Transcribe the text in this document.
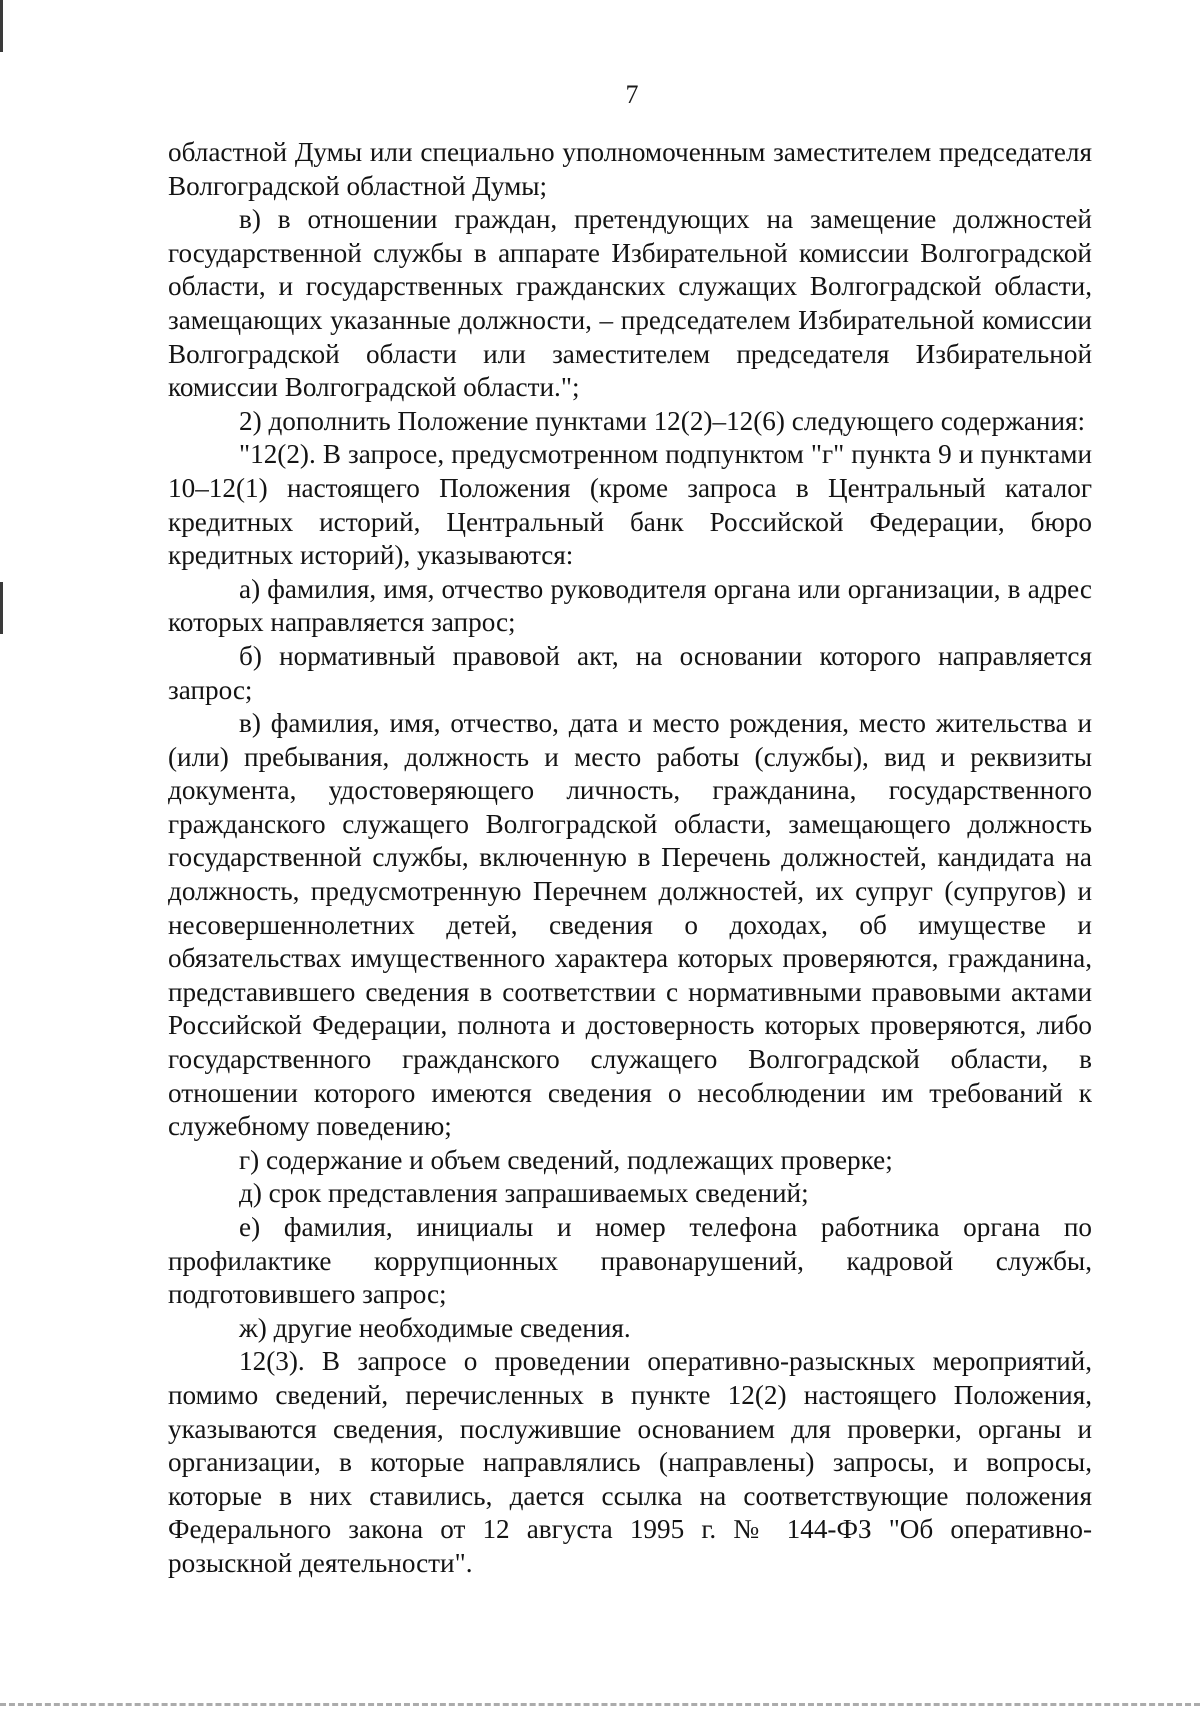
7

областной Думы или специально уполномоченным заместителем председателя Волгоградской областной Думы;

в) в отношении граждан, претендующих на замещение должностей государственной службы в аппарате Избирательной комиссии Волгоградской области, и государственных гражданских служащих Волгоградской области, замещающих указанные должности, – председателем Избирательной комиссии Волгоградской области или заместителем председателя Избирательной комиссии Волгоградской области.";

2) дополнить Положение пунктами 12(2)–12(6) следующего содержания:

"12(2). В запросе, предусмотренном подпунктом "г" пункта 9 и пунктами 10–12(1) настоящего Положения (кроме запроса в Центральный каталог кредитных историй, Центральный банк Российской Федерации, бюро кредитных историй), указываются:

а) фамилия, имя, отчество руководителя органа или организации, в адрес которых направляется запрос;

б) нормативный правовой акт, на основании которого направляется запрос;

в) фамилия, имя, отчество, дата и место рождения, место жительства и (или) пребывания, должность и место работы (службы), вид и реквизиты документа, удостоверяющего личность, гражданина, государственного гражданского служащего Волгоградской области, замещающего должность государственной службы, включенную в Перечень должностей, кандидата на должность, предусмотренную Перечнем должностей, их супруг (супругов) и несовершеннолетних детей, сведения о доходах, об имуществе и обязательствах имущественного характера которых проверяются, гражданина, представившего сведения в соответствии с нормативными правовыми актами Российской Федерации, полнота и достоверность которых проверяются, либо государственного гражданского служащего Волгоградской области, в отношении которого имеются сведения о несоблюдении им требований к служебному поведению;

г) содержание и объем сведений, подлежащих проверке;

д) срок представления запрашиваемых сведений;

е) фамилия, инициалы и номер телефона работника органа по профилактике коррупционных правонарушений, кадровой службы, подготовившего запрос;

ж) другие необходимые сведения.

12(3). В запросе о проведении оперативно-разыскных мероприятий, помимо сведений, перечисленных в пункте 12(2) настоящего Положения, указываются сведения, послужившие основанием для проверки, органы и организации, в которые направлялись (направлены) запросы, и вопросы, которые в них ставились, дается ссылка на соответствующие положения Федерального закона от 12 августа 1995 г. № 144-ФЗ "Об оперативно-розыскной деятельности".
